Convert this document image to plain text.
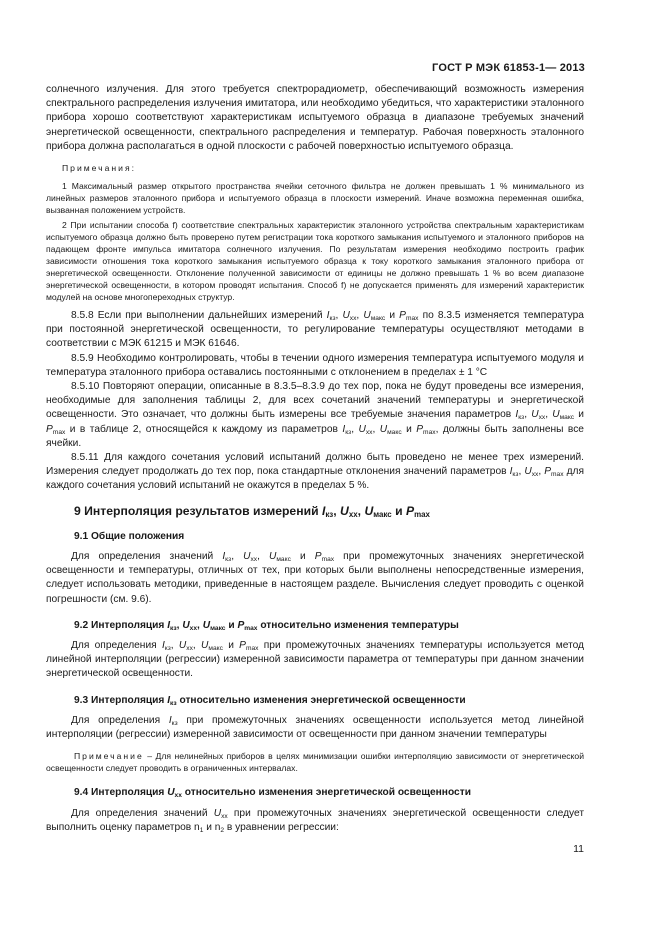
ГОСТ Р МЭК 61853-1— 2013

солнечного излучения. Для этого требуется спектрорадиометр, обеспечивающий возможность измерения спектрального распределения излучения имитатора, или необходимо убедиться, что характеристики эталонного прибора хорошо соответствуют характеристикам испытуемого образца в диапазоне требуемых значений энергетической освещенности, спектрального распределения и температур. Рабочая поверхность эталонного прибора должна располагаться в одной плоскости с рабочей поверхностью испытуемого образца.

Примечания:

1 Максимальный размер открытого пространства ячейки сеточного фильтра не должен превышать 1 % минимального из линейных размеров эталонного прибора и испытуемого образца в плоскости измерений. Иначе возможна переменная ошибка, вызванная положением устройств.

2 При испытании способа f) соответствие спектральных характеристик эталонного устройства спектральным характеристикам испытуемого образца должно быть проверено путем регистрации тока короткого замыкания испытуемого и эталонного приборов на падающем фронте импульса имитатора солнечного излучения. По результатам измерения необходимо построить график зависимости отношения тока короткого замыкания испытуемого образца к току короткого замыкания эталонного прибора от энергетической освещенности. Отклонение полученной зависимости от единицы не должно превышать 1 % во всем диапазоне энергетической освещенности, в котором проводят испытания. Способ f) не допускается применять для измерений характеристик модулей на основе многопереходных структур.

8.5.8 Если при выполнении дальнейших измерений $I_{кз}$, $U_{хх}$, $U_{макс}$ и $P_{max}$ по 8.3.5 изменяется температура при постоянной энергетической освещенности, то регулирование температуры осуществляют методами в соответствии с МЭК 61215 и МЭК 61646.

8.5.9 Необходимо контролировать, чтобы в течении одного измерения температура испытуемого модуля и температура эталонного прибора оставались постоянными с отклонением в пределах ± 1 °С

8.5.10 Повторяют операции, описанные в 8.3.5–8.3.9 до тех пор, пока не будут проведены все измерения, необходимые для заполнения таблицы 2, для всех сочетаний значений температуры и энергетической освещенности. Это означает, что должны быть измерены все требуемые значения параметров $I_{кз}$, $U_{хх}$, $U_{макс}$ и $P_{max}$ и в таблице 2, относящейся к каждому из параметров $I_{кз}$, $U_{хх}$, $U_{макс}$ и $P_{max}$, должны быть заполнены все ячейки.

8.5.11 Для каждого сочетания условий испытаний должно быть проведено не менее трех измерений. Измерения следует продолжать до тех пор, пока стандартные отклонения значений параметров $I_{кз}$, $U_{хх}$, $P_{max}$ для каждого сочетания условий испытаний не окажутся в пределах 5 %.

9 Интерполяция результатов измерений $I_{кз}$, $U_{хх}$, $U_{макс}$ и $P_{max}$

9.1 Общие положения

Для определения значений $I_{кз}$, $U_{хх}$, $U_{макс}$ и $P_{max}$ при промежуточных значениях энергетической освещенности и температуры, отличных от тех, при которых были выполнены непосредственные измерения, следует использовать методики, приведенные в настоящем разделе. Вычисления следует проводить с оценкой погрешности (см. 9.6).

9.2 Интерполяция $I_{кз}$, $U_{хх}$, $U_{макс}$ и $P_{max}$ относительно изменения температуры

Для определения $I_{кз}$, $U_{хх}$, $U_{макс}$ и $P_{max}$ при промежуточных значениях температуры используется метод линейной интерполяции (регрессии) измеренной зависимости параметра от температуры при данном значении энергетической освещенности.

9.3 Интерполяция $I_{кз}$ относительно изменения энергетической освещенности

Для определения $I_{кз}$ при промежуточных значениях освещенности используется метод линейной интерполяции (регрессии) измеренной зависимости от освещенности при данном значении температуры

Примечание – Для нелинейных приборов в целях минимизации ошибки интерполяцию зависимости от энергетической освещенности следует проводить в ограниченных интервалах.

9.4 Интерполяция $U_{хх}$ относительно изменения энергетической освещенности

Для определения значений $U_{хх}$ при промежуточных значениях энергетической освещенности следует выполнить оценку параметров $n_1$ и $n_2$ в уравнении регрессии:

11
